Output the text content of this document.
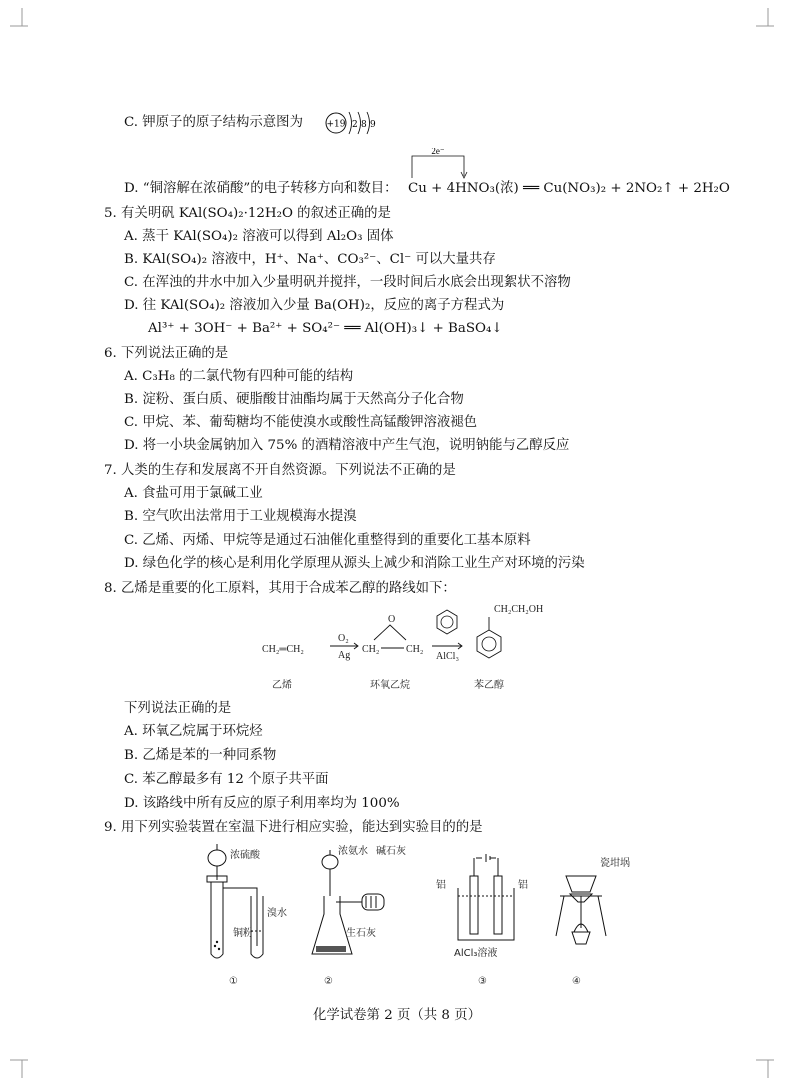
C. 钾原子的原子结构示意图为	+19 2 8 9
D. “铜溶解在浓硝酸”的电子转移方向和数目：
2e⁻
Cu + 4HNO₃(浓) ══ Cu(NO₃)₂ + 2NO₂↑ + 2H₂O
5. 有关明矾 KAl(SO₄)₂·12H₂O 的叙述正确的是
A. 蒸干 KAl(SO₄)₂ 溶液可以得到 Al₂O₃ 固体
B. KAl(SO₄)₂ 溶液中，H⁺、Na⁺、CO₃²⁻、Cl⁻ 可以大量共存
C. 在浑浊的井水中加入少量明矾并搅拌，一段时间后水底会出现絮状不溶物
D. 往 KAl(SO₄)₂ 溶液加入少量 Ba(OH)₂，反应的离子方程式为
Al³⁺ + 3OH⁻ + Ba²⁺ + SO₄²⁻ ══ Al(OH)₃↓ + BaSO₄↓
6. 下列说法正确的是
A. C₃H₈ 的二氯代物有四种可能的结构
B. 淀粉、蛋白质、硬脂酸甘油酯均属于天然高分子化合物
C. 甲烷、苯、葡萄糖均不能使溴水或酸性高锰酸钾溶液褪色
D. 将一小块金属钠加入 75% 的酒精溶液中产生气泡，说明钠能与乙醇反应
7. 人类的生存和发展离不开自然资源。下列说法不正确的是
A. 食盐可用于氯碱工业
B. 空气吹出法常用于工业规模海水提溴
C. 乙烯、丙烯、甲烷等是通过石油催化重整得到的重要化工基本原料
D. 绿色化学的核心是利用化学原理从源头上减少和消除工业生产对环境的污染
8. 乙烯是重要的化工原料，其用于合成苯乙醇的路线如下：
CH₂═CH₂
O₂
Ag
O
CH₂	CH₂
AlCl₃
CH₂CH₂OH
乙烯	环氧乙烷	苯乙醇
下列说法正确的是
A. 环氧乙烷属于环烷烃
B. 乙烯是苯的一种同系物
C. 苯乙醇最多有 12 个原子共平面
D. 该路线中所有反应的原子利用率均为 100%
9. 用下列实验装置在室温下进行相应实验，能达到实验目的的是
浓硫酸
铜粉
溴水
①
浓氨水 碱石灰
生石灰
②
铝	铝
AlCl₃溶液
③
瓷坩埚
④
化学试卷第 2 页（共 8 页）
